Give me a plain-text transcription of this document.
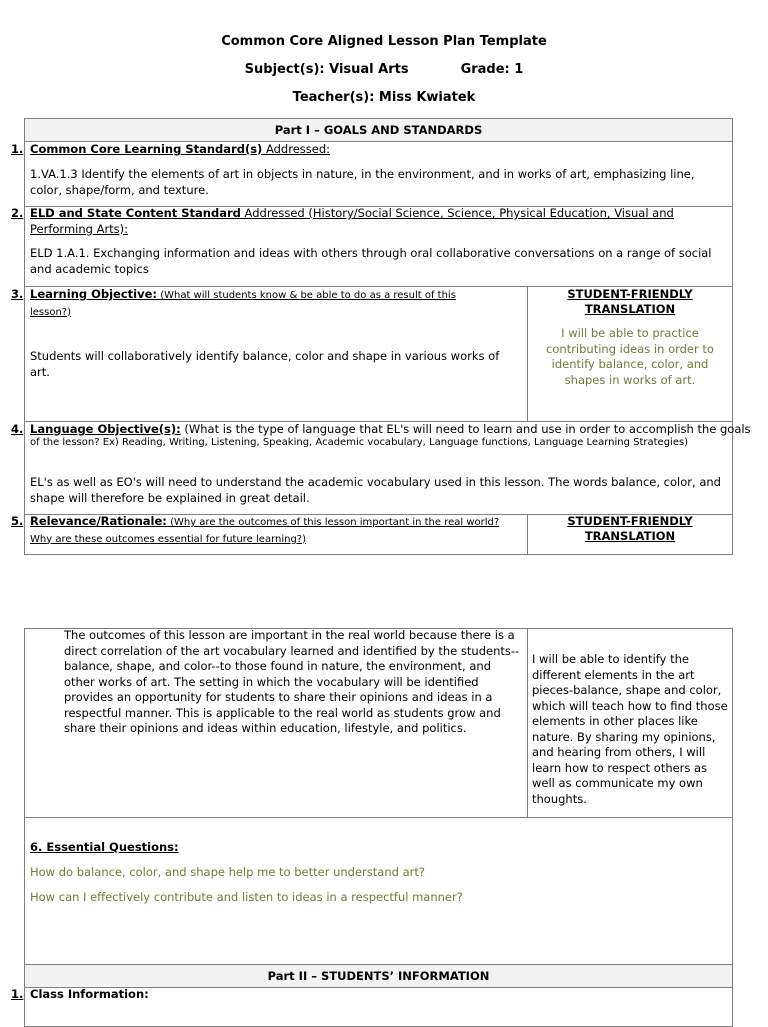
Common Core Aligned Lesson Plan Template
Subject(s): Visual Arts	Grade: 1
Teacher(s): Miss Kwiatek
Part I – GOALS AND STANDARDS
1. Common Core Learning Standard(s) Addressed:
1.VA.1.3 Identify the elements of art in objects in nature, in the environment, and in works of art, emphasizing line, color, shape/form, and texture.
2. ELD and State Content Standard Addressed (History/Social Science, Science, Physical Education, Visual and Performing Arts):
ELD 1.A.1. Exchanging information and ideas with others through oral collaborative conversations on a range of social and academic topics
3. Learning Objective: (What will students know & be able to do as a result of this lesson?)
Students will collaboratively identify balance, color and shape in various works of art.
STUDENT-FRIENDLY TRANSLATION
I will be able to practice contributing ideas in order to identify balance, color, and shapes in works of art.
4. Language Objective(s): (What is the type of language that EL's will need to learn and use in order to accomplish the goals
of the lesson? Ex) Reading, Writing, Listening, Speaking, Academic vocabulary, Language functions, Language Learning Strategies)
EL's as well as EO's will need to understand the academic vocabulary used in this lesson. The words balance, color, and shape will therefore be explained in great detail.
5. Relevance/Rationale: (Why are the outcomes of this lesson important in the real world? Why are these outcomes essential for future learning?)
STUDENT-FRIENDLY TRANSLATION
The outcomes of this lesson are important in the real world because there is a direct correlation of the art vocabulary learned and identified by the students--balance, shape, and color--to those found in nature, the environment, and other works of art. The setting in which the vocabulary will be identified provides an opportunity for students to share their opinions and ideas in a respectful manner. This is applicable to the real world as students grow and share their opinions and ideas within education, lifestyle, and politics.
I will be able to identify the different elements in the art pieces-balance, shape and color, which will teach how to find those elements in other places like nature. By sharing my opinions, and hearing from others, I will learn how to respect others as well as communicate my own thoughts.
6. Essential Questions:
How do balance, color, and shape help me to better understand art?
How can I effectively contribute and listen to ideas in a respectful manner?
Part II – STUDENTS’ INFORMATION
1. Class Information:
